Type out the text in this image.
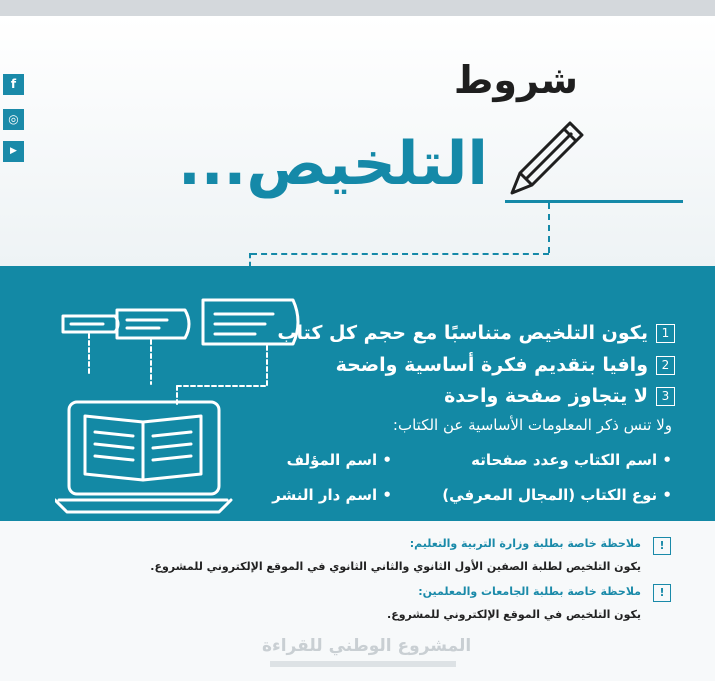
f
◎
▶
شروط
التلخيص...
1
يكون التلخيص متناسبًا مع حجم كل كتاب
2
وافيا بتقديم فكرة أساسية واضحة
3
لا يتجاوز صفحة واحدة
ولا تنس ذكر المعلومات الأساسية عن الكتاب:
• اسم الكتاب وعدد صفحاته
• اسم المؤلف
• نوع الكتاب (المجال المعرفي)
• اسم دار النشر
!
ملاحظة خاصة بطلبة وزارة التربية والتعليم:
يكون التلخيص لطلبة الصفين الأول الثانوي والثاني الثانوي في الموقع الإلكتروني للمشروع.
!
ملاحظة خاصة بطلبة الجامعات والمعلمين:
يكون التلخيص في الموقع الإلكتروني للمشروع.
المشروع الوطني للقراءة
